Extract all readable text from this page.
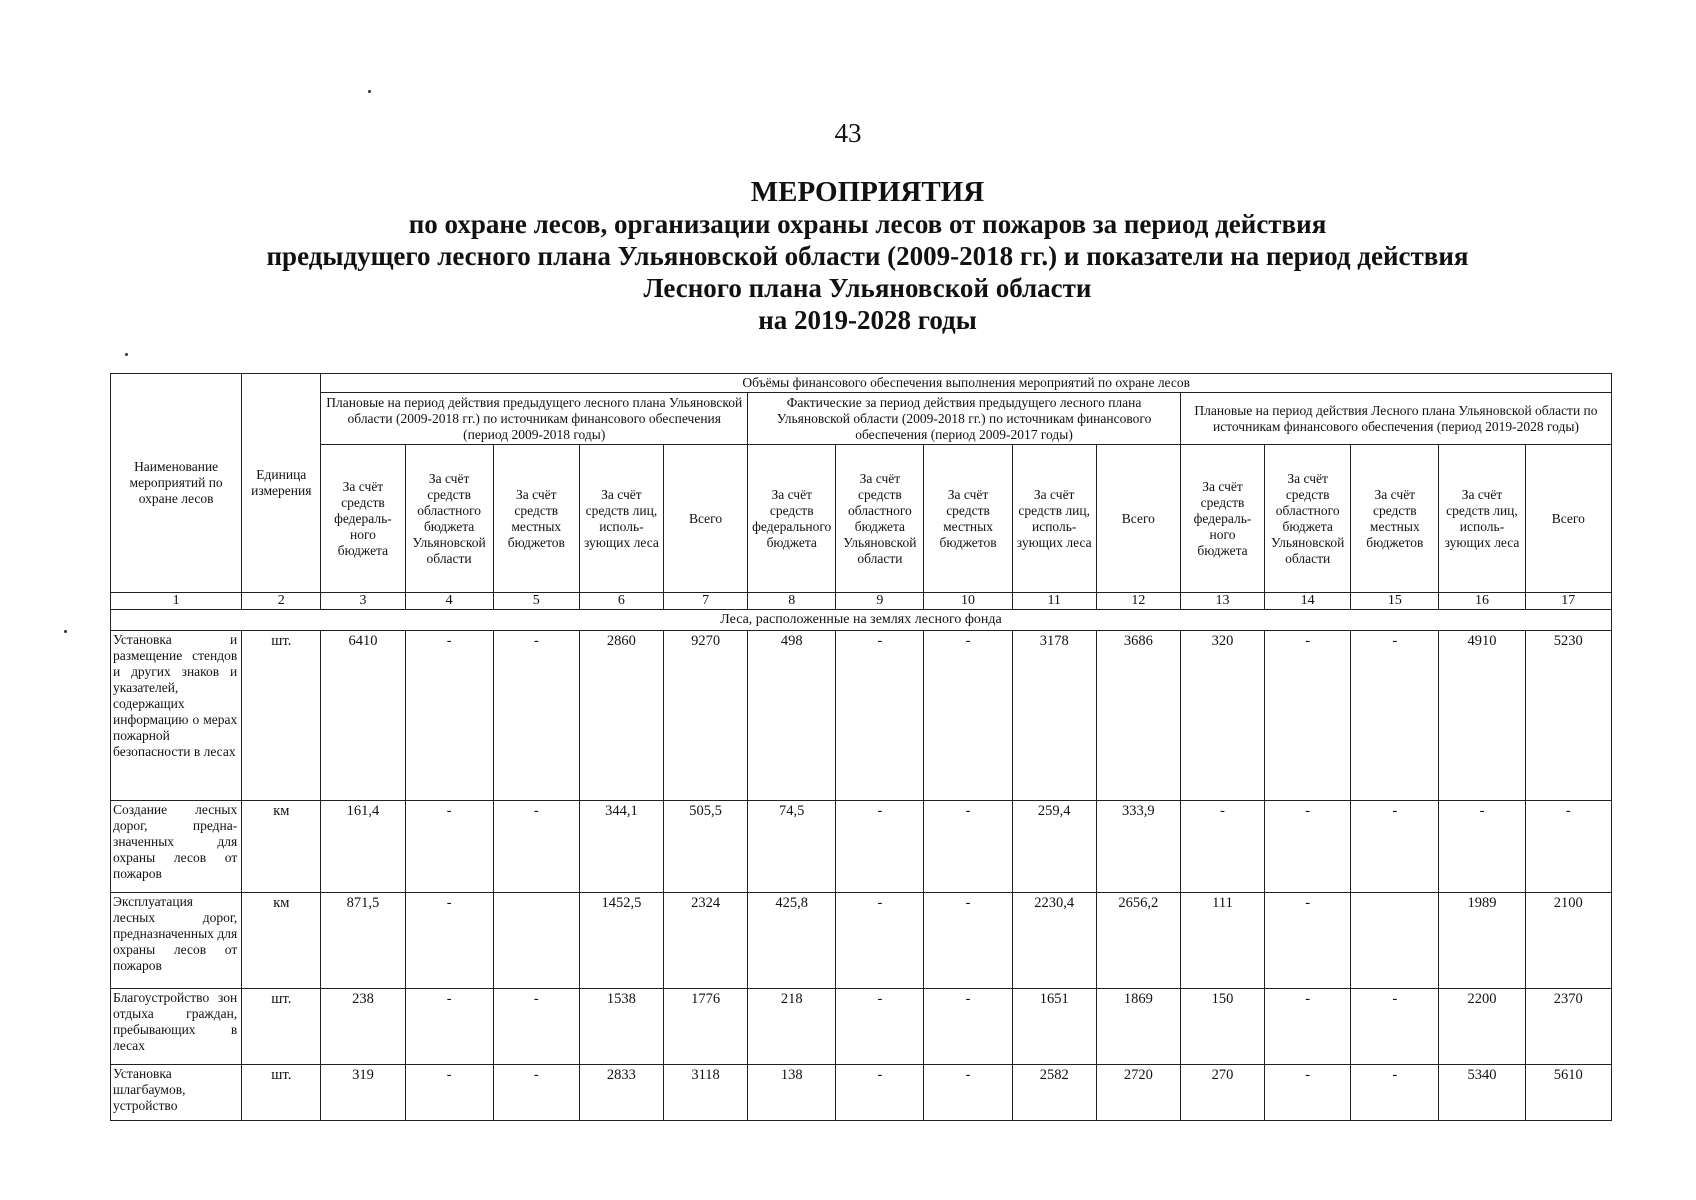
43
МЕРОПРИЯТИЯ
по охране лесов, организации охраны лесов от пожаров за период действия
предыдущего лесного плана Ульяновской области (2009-2018 гг.) и показатели на период действия
Лесного плана Ульяновской области
на 2019-2028 годы
Наименование мероприятий по охране лесов	Единица измерения	Объёмы финансового обеспечения выполнения мероприятий по охране лесов														
		Плановые на период действия предыдущего лесного плана Ульяновской области (2009-2018 гг.) по источникам финансового обеспечения (период 2009-2018 годы)					Фактические за период действия предыдущего лесного плана Ульяновской области (2009-2018 гг.) по источникам финансового обеспечения (период 2009-2017 годы)					Плановые на период действия Лесного плана Ульяновской области по источникам финансового обеспечения (период 2019-2028 годы)				
		За счёт средств федерального бюджета	За счёт средств областного бюджета Ульяновской области	За счёт средств местных бюджетов	За счёт средств лиц, использующих леса	Всего	За счёт средств федерального бюджета	За счёт средств областного бюджета Ульяновской области	За счёт средств местных бюджетов	За счёт средств лиц, использующих леса	Всего	За счёт средств федерального бюджета	За счёт средств областного бюджета Ульяновской области	За счёт средств местных бюджетов	За счёт средств лиц, использующих леса	Всего
1	2	3	4	5	6	7	8	9	10	11	12	13	14	15	16	17
Леса, расположенные на землях лесного фонда																
Установка и размещение стендов и других знаков и указателей, содержащих информацию о мерах пожарной безопасности в лесах	шт.	6410	-	-	2860	9270	498	-	-	3178	3686	320	-	-	4910	5230
Создание лесных дорог, предназначенных для охраны лесов от пожаров	км	161,4	-	-	344,1	505,5	74,5	-	-	259,4	333,9	-	-	-	-	-
Эксплуатация лесных дорог, предназначенных для охраны лесов от пожаров	км	871,5	-		1452,5	2324	425,8	-	-	2230,4	2656,2	111	-		1989	2100
Благоустройство зон отдыха граждан, пребывающих в лесах	шт.	238	-	-	1538	1776	218	-	-	1651	1869	150	-	-	2200	2370
Установка шлагбаумов, устройство	шт.	319	-	-	2833	3118	138	-	-	2582	2720	270	-	-	5340	5610
